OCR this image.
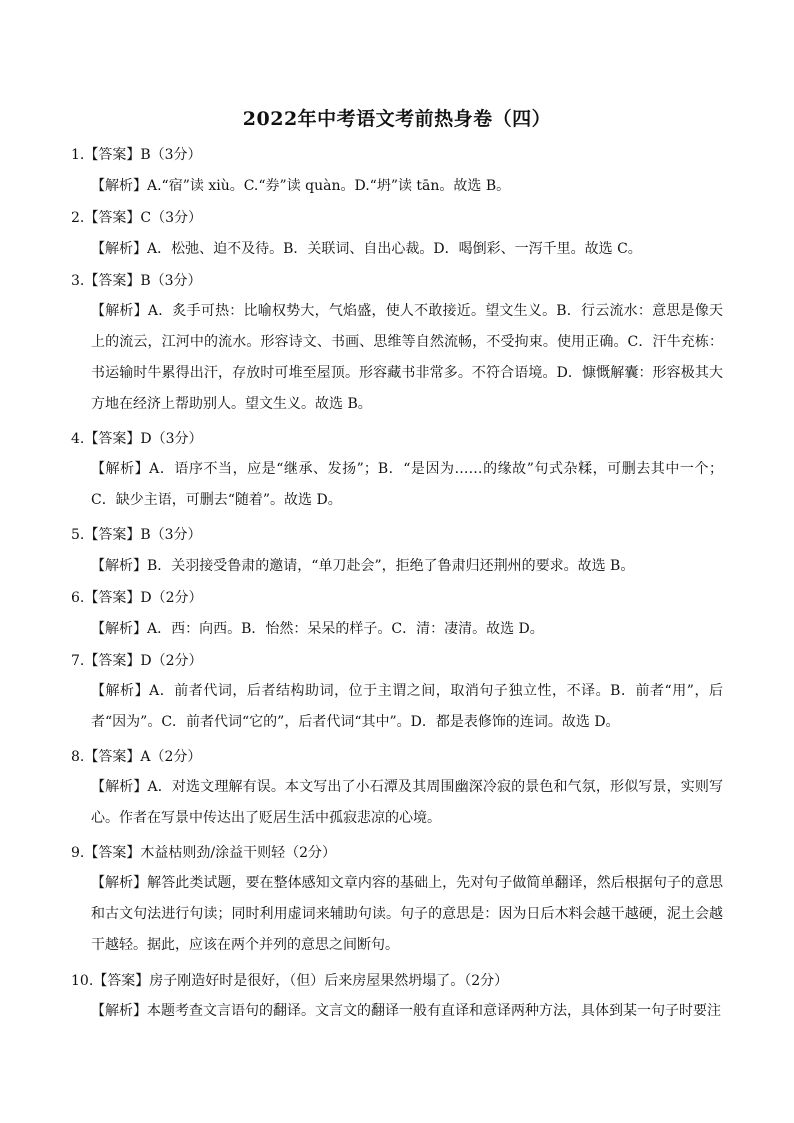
2022年中考语文考前热身卷（四）
1.【答案】B（3分）
【解析】A.“宿”读 xiù。C.“券”读 quàn。D.“坍”读 tān。故选 B。
2.【答案】C（3分）
【解析】A．松弛、迫不及待。B．关联词、自出心裁。D．喝倒彩、一泻千里。故选 C。
3.【答案】B（3分）
【解析】A．炙手可热：比喻权势大，气焰盛，使人不敢接近。望文生义。B．行云流水：意思是像天上的流云，江河中的流水。形容诗文、书画、思维等自然流畅，不受拘束。使用正确。C．汗牛充栋：书运输时牛累得出汗，存放时可堆至屋顶。形容藏书非常多。不符合语境。D．慷慨解囊：形容极其大方地在经济上帮助别人。望文生义。故选 B。
4.【答案】D（3分）
【解析】A．语序不当，应是“继承、发扬”；B．“是因为……的缘故”句式杂糅，可删去其中一个；C．缺少主语，可删去“随着”。故选 D。
5.【答案】B（3分）
【解析】B．关羽接受鲁肃的邀请，“单刀赴会”，拒绝了鲁肃归还荆州的要求。故选 B。
6.【答案】D（2分）
【解析】A．西：向西。B．怡然：呆呆的样子。C．清：凄清。故选 D。
7.【答案】D（2分）
【解析】A．前者代词，后者结构助词，位于主谓之间，取消句子独立性，不译。B．前者“用”，后者“因为”。C．前者代词“它的”，后者代词“其中”。D．都是表修饰的连词。故选 D。
8.【答案】A（2分）
【解析】A．对选文理解有误。本文写出了小石潭及其周围幽深冷寂的景色和气氛，形似写景，实则写心。作者在写景中传达出了贬居生活中孤寂悲凉的心境。
9.【答案】木益枯则劲/涂益干则轻（2分）
【解析】解答此类试题，要在整体感知文章内容的基础上，先对句子做简单翻译，然后根据句子的意思和古文句法进行句读；同时利用虚词来辅助句读。句子的意思是：因为日后木料会越干越硬，泥土会越干越轻。据此，应该在两个并列的意思之间断句。
10.【答案】房子刚造好时是很好，（但）后来房屋果然坍塌了。（2分）
【解析】本题考查文言语句的翻译。文言文的翻译一般有直译和意译两种方法，具体到某一句子时要注
